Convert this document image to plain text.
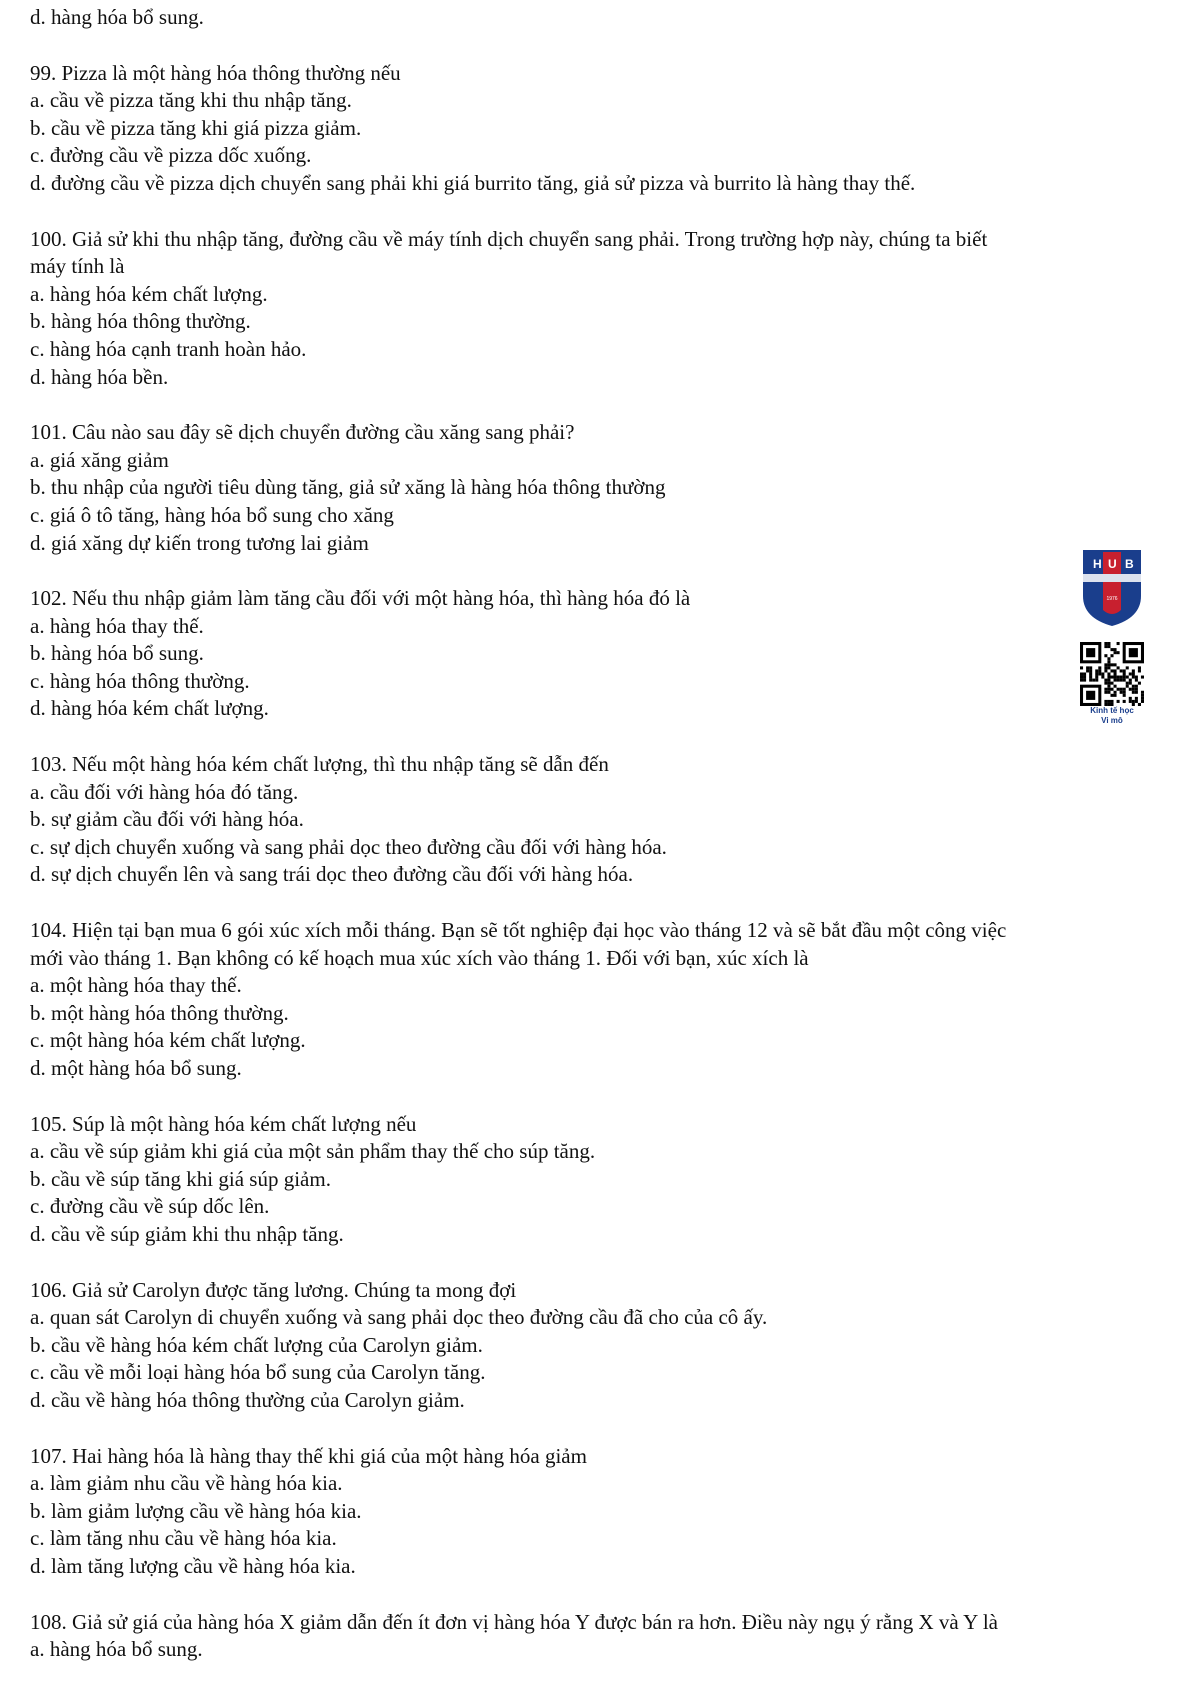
d. hàng hóa bổ sung.

99. Pizza là một hàng hóa thông thường nếu

a. cầu về pizza tăng khi thu nhập tăng.

b. cầu về pizza tăng khi giá pizza giảm.

c. đường cầu về pizza dốc xuống.

d. đường cầu về pizza dịch chuyển sang phải khi giá burrito tăng, giả sử pizza và burrito là hàng thay thế.

100. Giả sử khi thu nhập tăng, đường cầu về máy tính dịch chuyển sang phải. Trong trường hợp này, chúng ta biết

máy tính là

a. hàng hóa kém chất lượng.

b. hàng hóa thông thường.

c. hàng hóa cạnh tranh hoàn hảo.

d. hàng hóa bền.

101. Câu nào sau đây sẽ dịch chuyển đường cầu xăng sang phải?

a. giá xăng giảm

b. thu nhập của người tiêu dùng tăng, giả sử xăng là hàng hóa thông thường

c. giá ô tô tăng, hàng hóa bổ sung cho xăng

d. giá xăng dự kiến trong tương lai giảm

102. Nếu thu nhập giảm làm tăng cầu đối với một hàng hóa, thì hàng hóa đó là

a. hàng hóa thay thế.

b. hàng hóa bổ sung.

c. hàng hóa thông thường.

d. hàng hóa kém chất lượng.

103. Nếu một hàng hóa kém chất lượng, thì thu nhập tăng sẽ dẫn đến

a. cầu đối với hàng hóa đó tăng.

b. sự giảm cầu đối với hàng hóa.

c. sự dịch chuyển xuống và sang phải dọc theo đường cầu đối với hàng hóa.

d. sự dịch chuyển lên và sang trái dọc theo đường cầu đối với hàng hóa.

104. Hiện tại bạn mua 6 gói xúc xích mỗi tháng. Bạn sẽ tốt nghiệp đại học vào tháng 12 và sẽ bắt đầu một công việc

mới vào tháng 1. Bạn không có kế hoạch mua xúc xích vào tháng 1. Đối với bạn, xúc xích là

a. một hàng hóa thay thế.

b. một hàng hóa thông thường.

c. một hàng hóa kém chất lượng.

d. một hàng hóa bổ sung.

105. Súp là một hàng hóa kém chất lượng nếu

a. cầu về súp giảm khi giá của một sản phẩm thay thế cho súp tăng.

b. cầu về súp tăng khi giá súp giảm.

c. đường cầu về súp dốc lên.

d. cầu về súp giảm khi thu nhập tăng.

106. Giả sử Carolyn được tăng lương. Chúng ta mong đợi

a. quan sát Carolyn di chuyển xuống và sang phải dọc theo đường cầu đã cho của cô ấy.

b. cầu về hàng hóa kém chất lượng của Carolyn giảm.

c. cầu về mỗi loại hàng hóa bổ sung của Carolyn tăng.

d. cầu về hàng hóa thông thường của Carolyn giảm.

107. Hai hàng hóa là hàng thay thế khi giá của một hàng hóa giảm

a. làm giảm nhu cầu về hàng hóa kia.

b. làm giảm lượng cầu về hàng hóa kia.

c. làm tăng nhu cầu về hàng hóa kia.

d. làm tăng lượng cầu về hàng hóa kia.

108. Giả sử giá của hàng hóa X giảm dẫn đến ít đơn vị hàng hóa Y được bán ra hơn. Điều này ngụ ý rằng X và Y là

a. hàng hóa bổ sung.

H U B
1976
Kinh tế học
Vi mô
